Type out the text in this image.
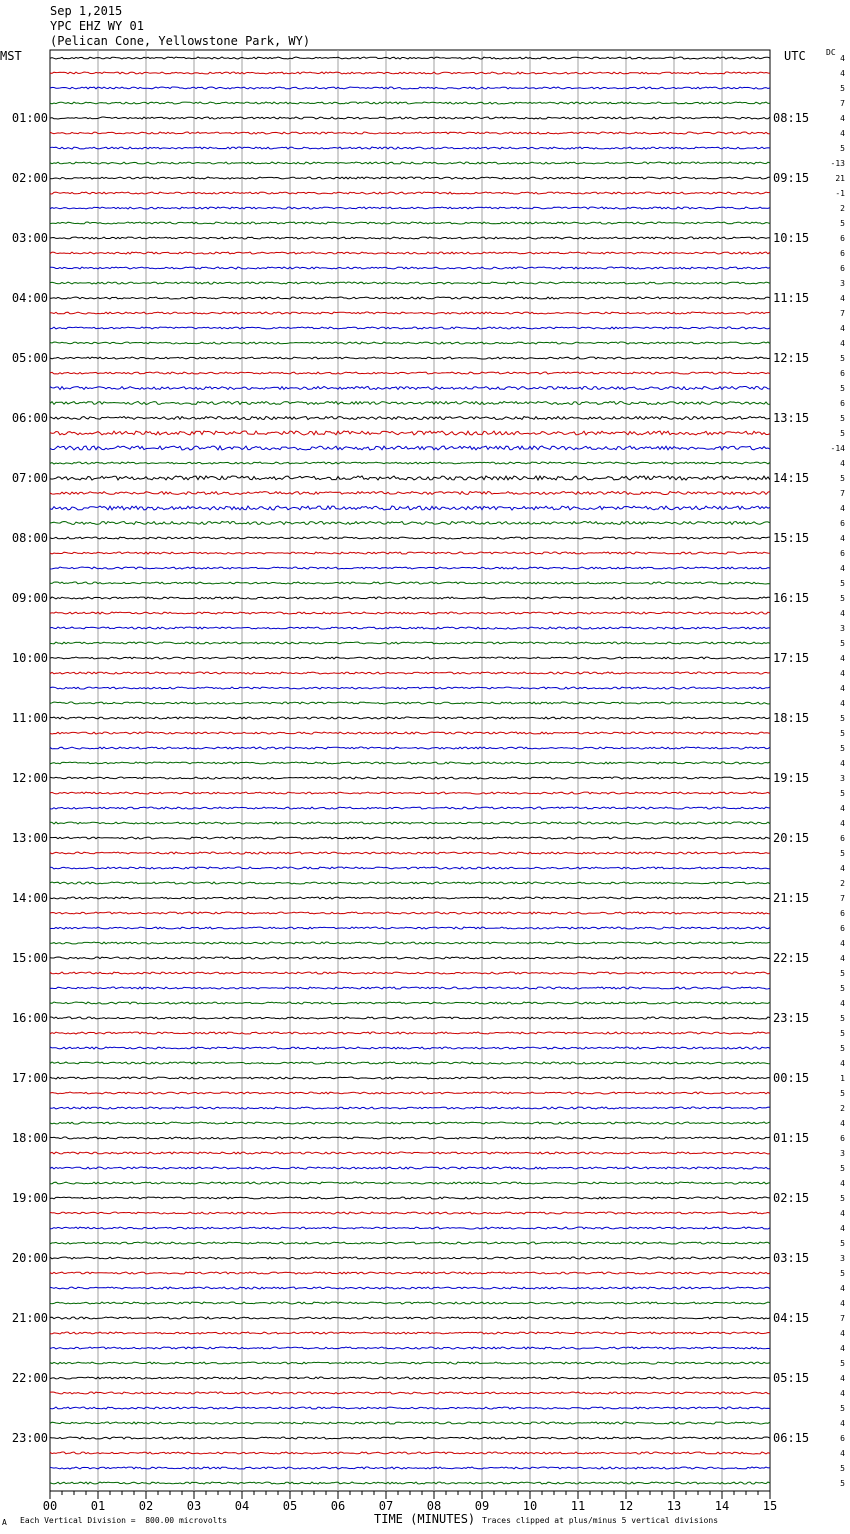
Sep 1,2015
YPC EHZ WY 01
(Pelican Cone, Yellowstone Park, WY)
MST	UTC	DC
01:00
02:00
03:00
04:00
05:00
06:00
07:00
08:00
09:00
10:00
11:00
12:00
13:00
14:00
15:00
16:00
17:00
18:00
19:00
20:00
21:00
22:00
23:00
08:15
09:15
10:15
11:15
12:15
13:15
14:15
15:15
16:15
17:15
18:15
19:15
20:15
21:15
22:15
23:15
00:15
01:15
02:15
03:15
04:15
05:15
06:15
4
4
5
7
4
4
5
-13
21
-1
2
5
6
6
6
3
4
7
4
4
5
6
5
6
5
5
-14
4
5
7
4
6
4
6
4
5
5
4
3
5
4
4
4
4
5
5
5
4
3
5
4
4
6
5
4
2
7
6
6
4
4
5
5
4
5
5
5
4
1
5
2
4
6
3
5
4
5
4
4
5
3
5
4
4
7
4
4
5
4
4
5
4
6
4
5
5
00	01	02	03	04	05	06	07	08	09	10	11	12	13	14	15
A Each Vertical Division =  800.00 microvolts	TIME (MINUTES) Traces clipped at plus/minus 5 vertical divisions
